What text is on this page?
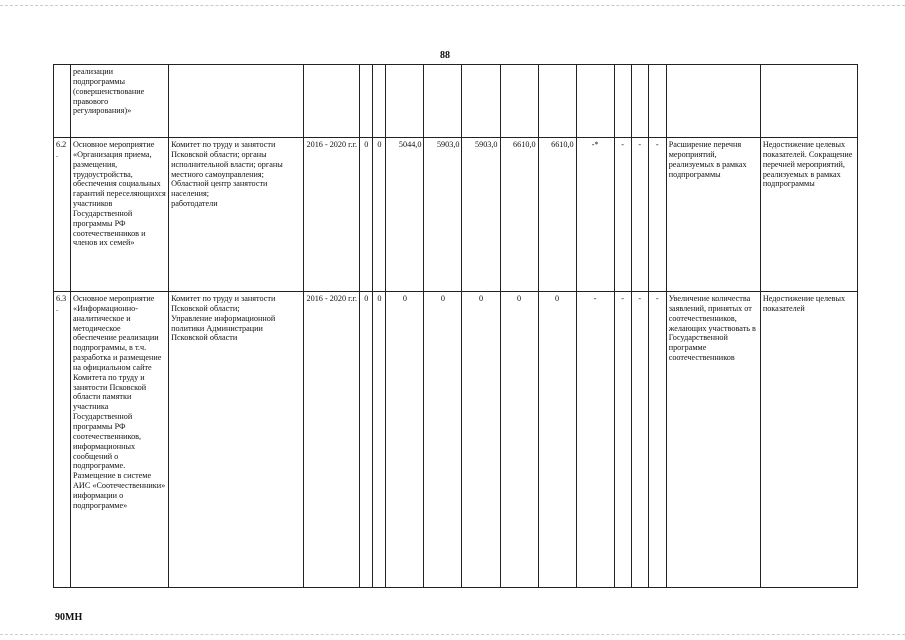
88
	реализации подпрограммы (совершенствование правового регулирования)»															
6.2.	Основное мероприятие «Организация приема, размещения, трудоустройства, обеспечения социальных гарантий переселяющихся участников Государственной программы РФ соотечественников и членов их семей»	Комитет по труду и занятости Псковской области; органы исполнительной власти; органы местного самоуправления;
Областной центр занятости населения;
работодатели	2016 - 2020 г.г.	0	0	5044,0	5903,0	5903,0	6610,0	6610,0	-*	-	-	-	Расширение перечня мероприятий, реализуемых в рамках подпрограммы	Недостижение целевых показателей. Сокращение перечней мероприятий, реализуемых в рамках подпрограммы
6.3.	Основное мероприятие «Информационно-аналитическое и методическое обеспечение реализации подпрограммы, в т.ч. разработка и размещение на официальном сайте Комитета по труду и занятости Псковской области памятки участника Государственной программы РФ соотечественников, информационных сообщений о подпрограмме. Размещение в системе АИС «Соотечественники» информации о подпрограмме»	Комитет по труду и занятости Псковской области;
Управление информационной политики Администрации Псковской области	2016 - 2020 г.г.	0	0	0	0	0	0	0	-	-	-	-	Увеличение количества заявлений, принятых от соотечественников, желающих участвовать в Государственной программе соотечественников	Недостижение целевых показателей
90МН
